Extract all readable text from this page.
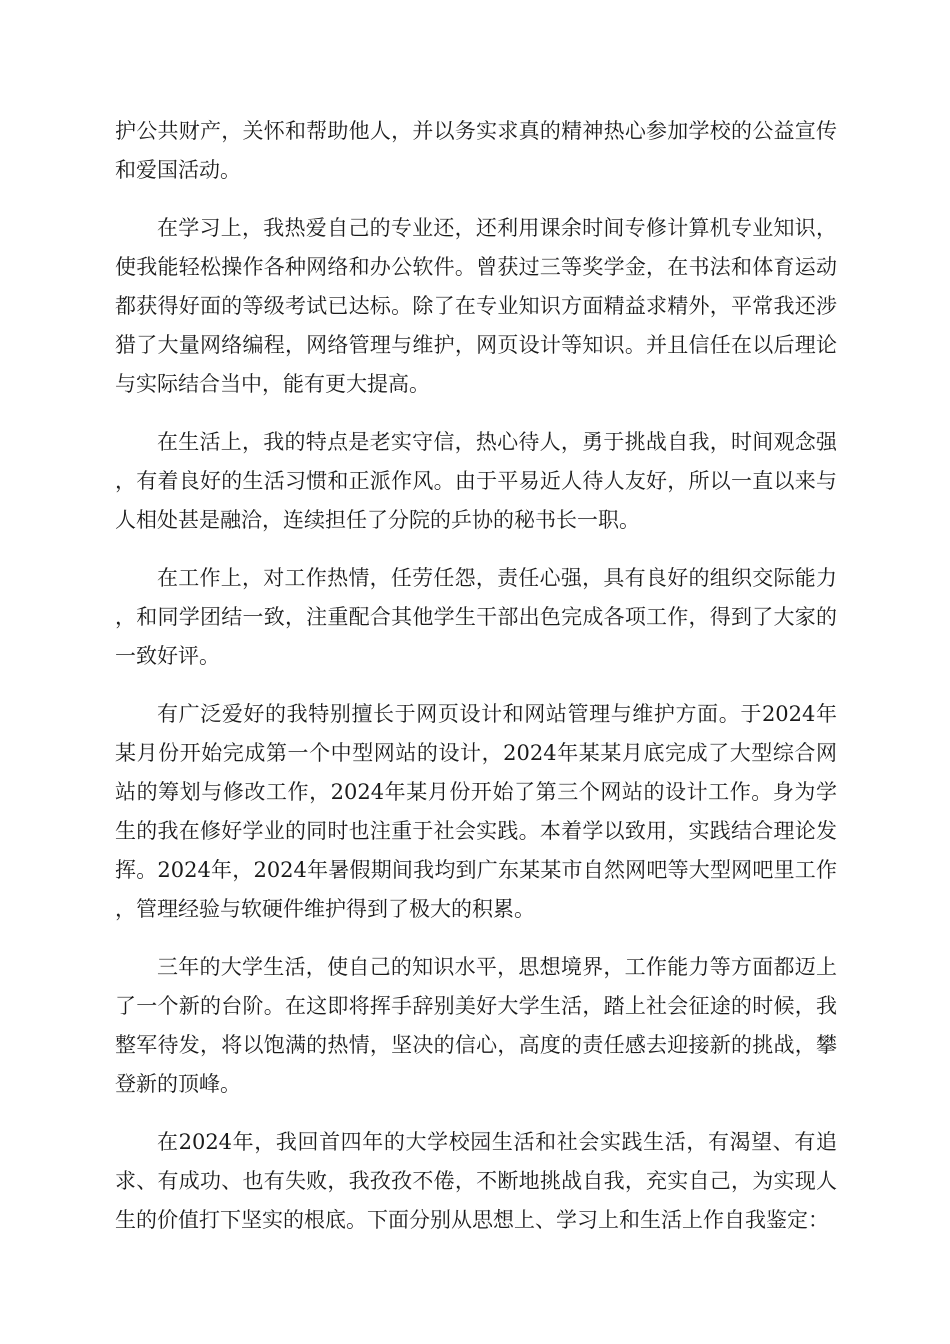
护公共财产，关怀和帮助他人，并以务实求真的精神热心参加学校的公益宣传和爱国活动。

在学习上，我热爱自己的专业还，还利用课余时间专修计算机专业知识，使我能轻松操作各种网络和办公软件。曾获过三等奖学金，在书法和体育运动都获得好面的等级考试已达标。除了在专业知识方面精益求精外，平常我还涉猎了大量网络编程，网络管理与维护，网页设计等知识。并且信任在以后理论与实际结合当中，能有更大提高。

在生活上，我的特点是老实守信，热心待人，勇于挑战自我，时间观念强，有着良好的生活习惯和正派作风。由于平易近人待人友好，所以一直以来与人相处甚是融洽，连续担任了分院的乒协的秘书长一职。

在工作上，对工作热情，任劳任怨，责任心强，具有良好的组织交际能力，和同学团结一致，注重配合其他学生干部出色完成各项工作，得到了大家的一致好评。

有广泛爱好的我特别擅长于网页设计和网站管理与维护方面。于2024年某月份开始完成第一个中型网站的设计，2024年某某月底完成了大型综合网站的筹划与修改工作，2024年某月份开始了第三个网站的设计工作。身为学生的我在修好学业的同时也注重于社会实践。本着学以致用，实践结合理论发挥。2024年，2024年暑假期间我均到广东某某市自然网吧等大型网吧里工作，管理经验与软硬件维护得到了极大的积累。

三年的大学生活，使自己的知识水平，思想境界，工作能力等方面都迈上了一个新的台阶。在这即将挥手辞别美好大学生活，踏上社会征途的时候，我整军待发，将以饱满的热情，坚决的信心，高度的责任感去迎接新的挑战，攀登新的顶峰。

在2024年，我回首四年的大学校园生活和社会实践生活，有渴望、有追求、有成功、也有失败，我孜孜不倦，不断地挑战自我，充实自己，为实现人生的价值打下坚实的根底。下面分别从思想上、学习上和生活上作自我鉴定：
